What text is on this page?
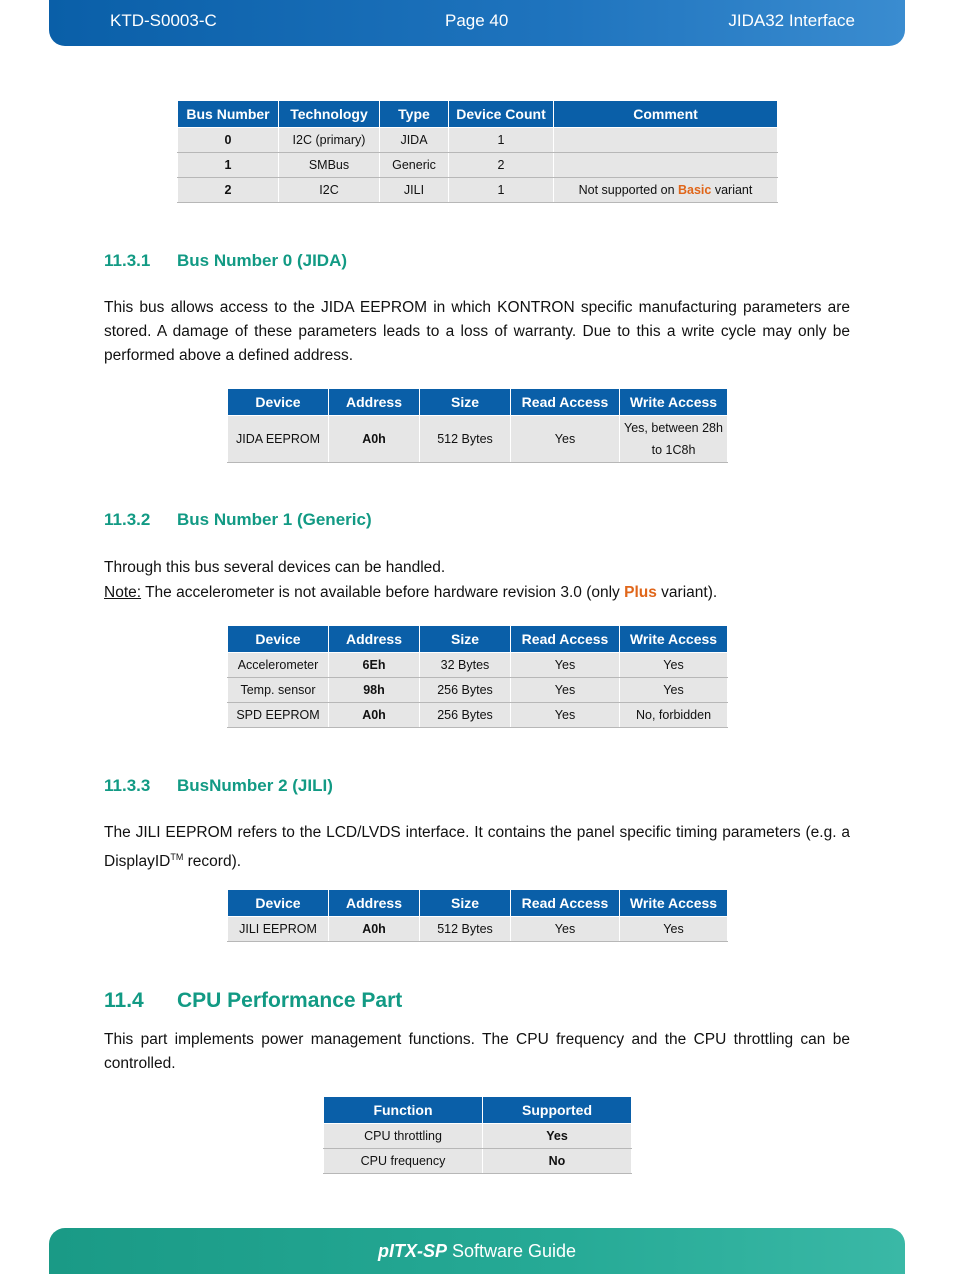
KTD-S0003-C	Page 40	JIDA32 Interface
Bus Number	Technology	Type	Device Count	Comment
0	I2C (primary)	JIDA	1	
1	SMBus	Generic	2	
2	I2C	JILI	1	Not supported on Basic variant
11.3.1 Bus Number 0 (JIDA)
This bus allows access to the JIDA EEPROM in which KONTRON specific manufacturing parameters are stored. A damage of these parameters leads to a loss of warranty. Due to this a write cycle may only be performed above a defined address.
Device	Address	Size	Read Access	Write Access
JIDA EEPROM	A0h	512 Bytes	Yes	Yes, between 28h to 1C8h
11.3.2 Bus Number 1 (Generic)
Through this bus several devices can be handled.
Note: The accelerometer is not available before hardware revision 3.0 (only Plus variant).
Device	Address	Size	Read Access	Write Access
Accelerometer	6Eh	32 Bytes	Yes	Yes
Temp. sensor	98h	256 Bytes	Yes	Yes
SPD EEPROM	A0h	256 Bytes	Yes	No, forbidden
11.3.3 BusNumber 2 (JILI)
The JILI EEPROM refers to the LCD/LVDS interface. It contains the panel specific timing parameters (e.g. a DisplayID™ record).
Device	Address	Size	Read Access	Write Access
JILI EEPROM	A0h	512 Bytes	Yes	Yes
11.4 CPU Performance Part
This part implements power management functions. The CPU frequency and the CPU throttling can be controlled.
Function	Supported
CPU throttling	Yes
CPU frequency	No
pITX-SP Software Guide
